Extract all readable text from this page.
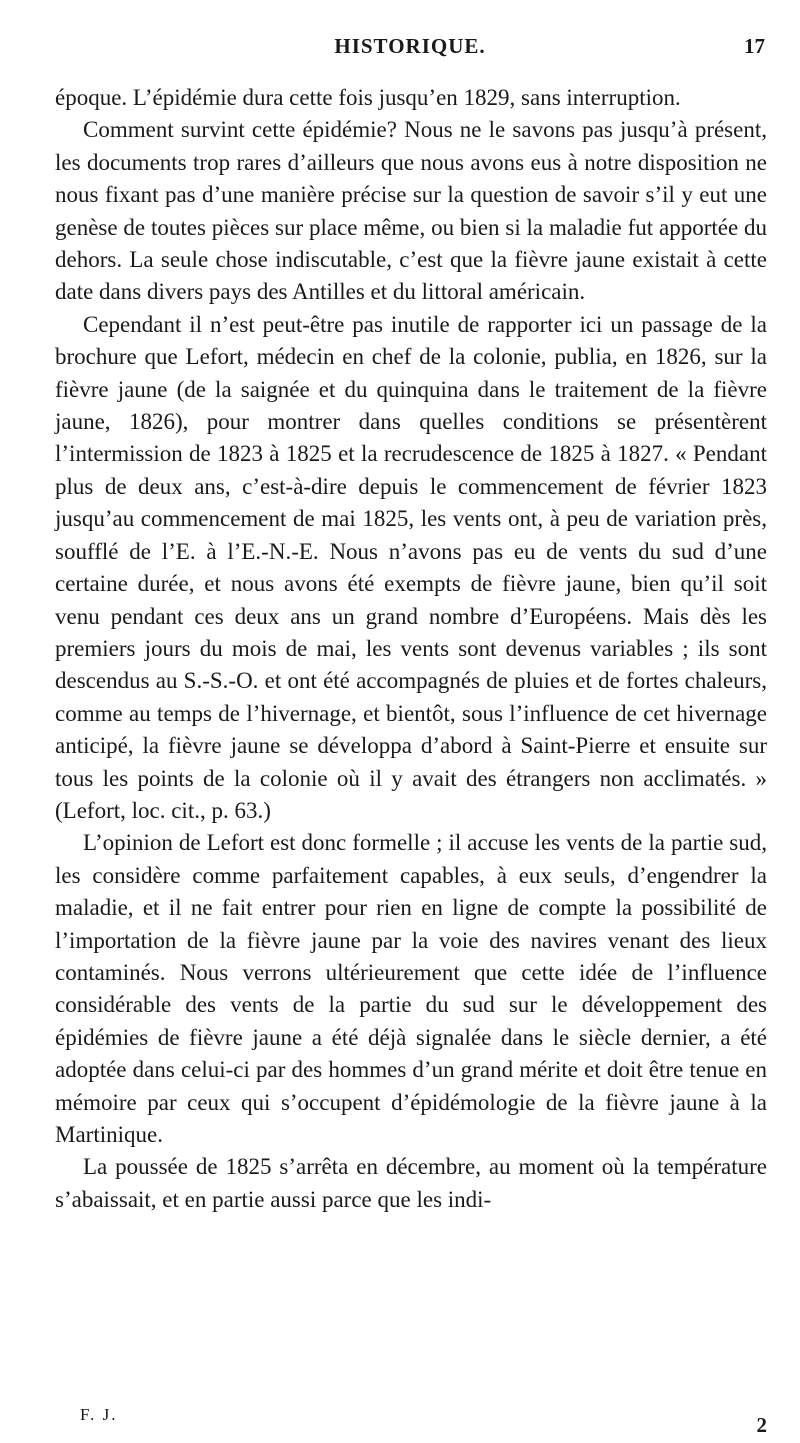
HISTORIQUE.	17

époque. L’épidémie dura cette fois jusqu’en 1829, sans interruption.

Comment survint cette épidémie? Nous ne le savons pas jusqu’à présent, les documents trop rares d’ailleurs que nous avons eus à notre disposition ne nous fixant pas d’une manière précise sur la question de savoir s’il y eut une genèse de toutes pièces sur place même, ou bien si la maladie fut apportée du dehors. La seule chose indiscutable, c’est que la fièvre jaune existait à cette date dans divers pays des Antilles et du littoral américain.

Cependant il n’est peut-être pas inutile de rapporter ici un passage de la brochure que Lefort, médecin en chef de la colonie, publia, en 1826, sur la fièvre jaune (de la saignée et du quinquina dans le traitement de la fièvre jaune, 1826), pour montrer dans quelles conditions se présentèrent l’intermission de 1823 à 1825 et la recrudescence de 1825 à 1827. « Pendant plus de deux ans, c’est-à-dire depuis le commencement de février 1823 jusqu’au commencement de mai 1825, les vents ont, à peu de variation près, soufflé de l’E. à l’E.-N.-E. Nous n’avons pas eu de vents du sud d’une certaine durée, et nous avons été exempts de fièvre jaune, bien qu’il soit venu pendant ces deux ans un grand nombre d’Européens. Mais dès les premiers jours du mois de mai, les vents sont devenus variables ; ils sont descendus au S.-S.-O. et ont été accompagnés de pluies et de fortes chaleurs, comme au temps de l’hivernage, et bientôt, sous l’influence de cet hivernage anticipé, la fièvre jaune se développa d’abord à Saint-Pierre et ensuite sur tous les points de la colonie où il y avait des étrangers non acclimatés. » (Lefort, loc. cit., p. 63.)

L’opinion de Lefort est donc formelle ; il accuse les vents de la partie sud, les considère comme parfaitement capables, à eux seuls, d’engendrer la maladie, et il ne fait entrer pour rien en ligne de compte la possibilité de l’importation de la fièvre jaune par la voie des navires venant des lieux contaminés. Nous verrons ultérieurement que cette idée de l’influence considérable des vents de la partie du sud sur le développement des épidémies de fièvre jaune a été déjà signalée dans le siècle dernier, a été adoptée dans celui-ci par des hommes d’un grand mérite et doit être tenue en mémoire par ceux qui s’occupent d’épidémologie de la fièvre jaune à la Martinique.

La poussée de 1825 s’arrêta en décembre, au moment où la température s’abaissait, et en partie aussi parce que les indi-

F. J.	2
